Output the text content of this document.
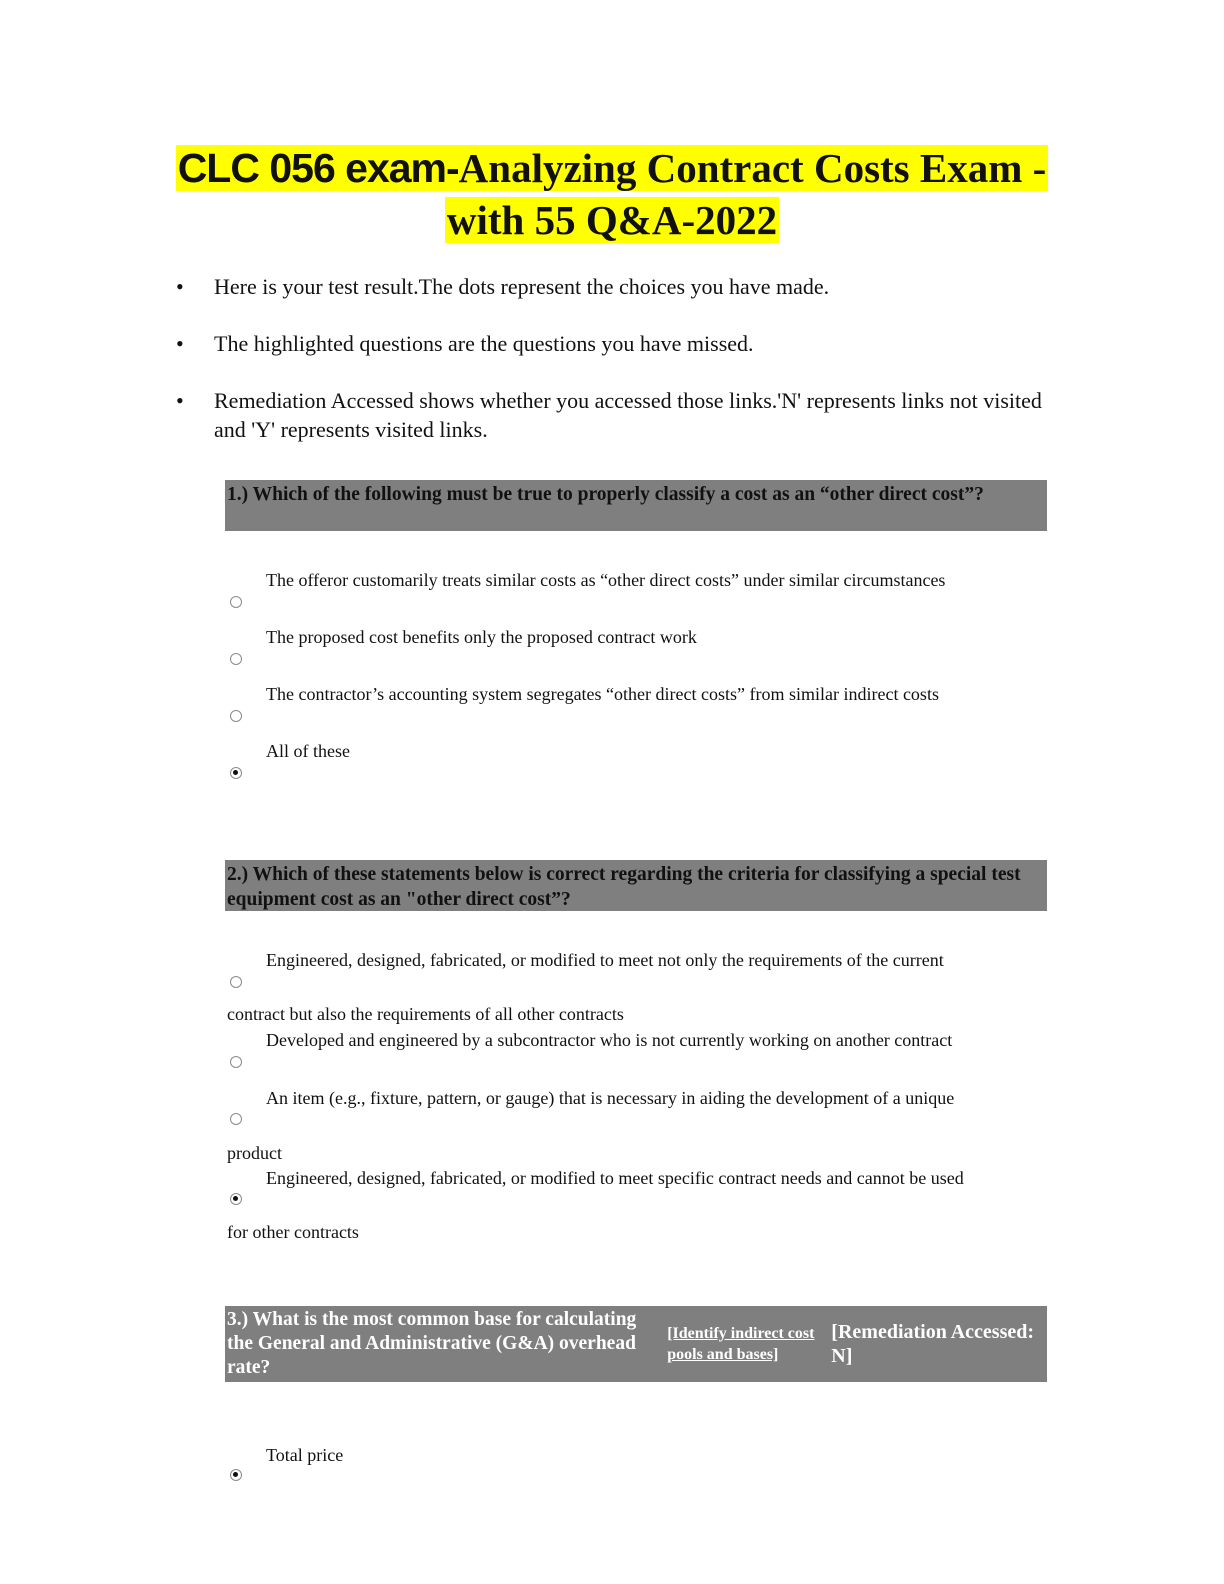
CLC 056 exam-Analyzing Contract Costs Exam -
with 55 Q&A-2022
• Here is your test result.The dots represent the choices you have made.
• The highlighted questions are the questions you have missed.
• Remediation Accessed shows whether you accessed those links.'N' represents links not visited and 'Y' represents visited links.
1.) Which of the following must be true to properly classify a cost as an “other direct cost”?
The offeror customarily treats similar costs as “other direct costs” under similar circumstances
The proposed cost benefits only the proposed contract work
The contractor’s accounting system segregates “other direct costs” from similar indirect costs
All of these
2.) Which of these statements below is correct regarding the criteria for classifying a special test equipment cost as an "other direct cost”?
Engineered, designed, fabricated, or modified to meet not only the requirements of the current
contract but also the requirements of all other contracts
Developed and engineered by a subcontractor who is not currently working on another contract
An item (e.g., fixture, pattern, or gauge) that is necessary in aiding the development of a unique
product
Engineered, designed, fabricated, or modified to meet specific contract needs and cannot be used
for other contracts
3.) What is the most common base for calculating the General and Administrative (G&A) overhead rate?
[Identify indirect cost pools and bases]
[Remediation Accessed: N]
Total price
